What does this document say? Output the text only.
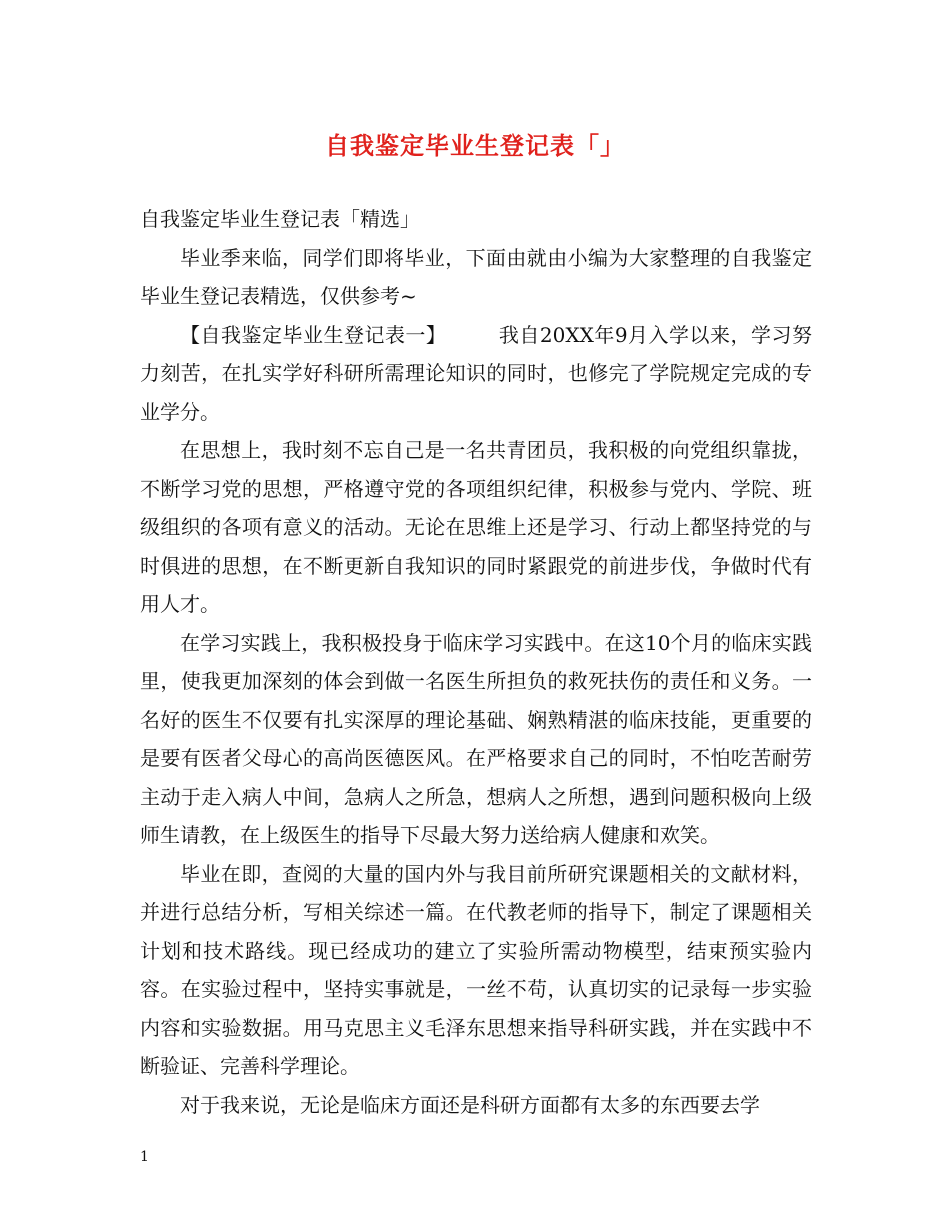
自我鉴定毕业生登记表「」

自我鉴定毕业生登记表「精选」

毕业季来临，同学们即将毕业，下面由就由小编为大家整理的自我鉴定毕业生登记表精选，仅供参考~

【自我鉴定毕业生登记表一】	我自20XX年9月入学以来，学习努力刻苦，在扎实学好科研所需理论知识的同时，也修完了学院规定完成的专业学分。

在思想上，我时刻不忘自己是一名共青团员，我积极的向党组织靠拢，不断学习党的思想，严格遵守党的各项组织纪律，积极参与党内、学院、班级组织的各项有意义的活动。无论在思维上还是学习、行动上都坚持党的与时俱进的思想，在不断更新自我知识的同时紧跟党的前进步伐，争做时代有用人才。

在学习实践上，我积极投身于临床学习实践中。在这10个月的临床实践里，使我更加深刻的体会到做一名医生所担负的救死扶伤的责任和义务。一名好的医生不仅要有扎实深厚的理论基础、娴熟精湛的临床技能，更重要的是要有医者父母心的高尚医德医风。在严格要求自己的同时，不怕吃苦耐劳主动于走入病人中间，急病人之所急，想病人之所想，遇到问题积极向上级师生请教，在上级医生的指导下尽最大努力送给病人健康和欢笑。

毕业在即，查阅的大量的国内外与我目前所研究课题相关的文献材料，并进行总结分析，写相关综述一篇。在代教老师的指导下，制定了课题相关计划和技术路线。现已经成功的建立了实验所需动物模型，结束预实验内容。在实验过程中，坚持实事就是，一丝不苟，认真切实的记录每一步实验内容和实验数据。用马克思主义毛泽东思想来指导科研实践，并在实践中不断验证、完善科学理论。

对于我来说，无论是临床方面还是科研方面都有太多的东西要去学

1
